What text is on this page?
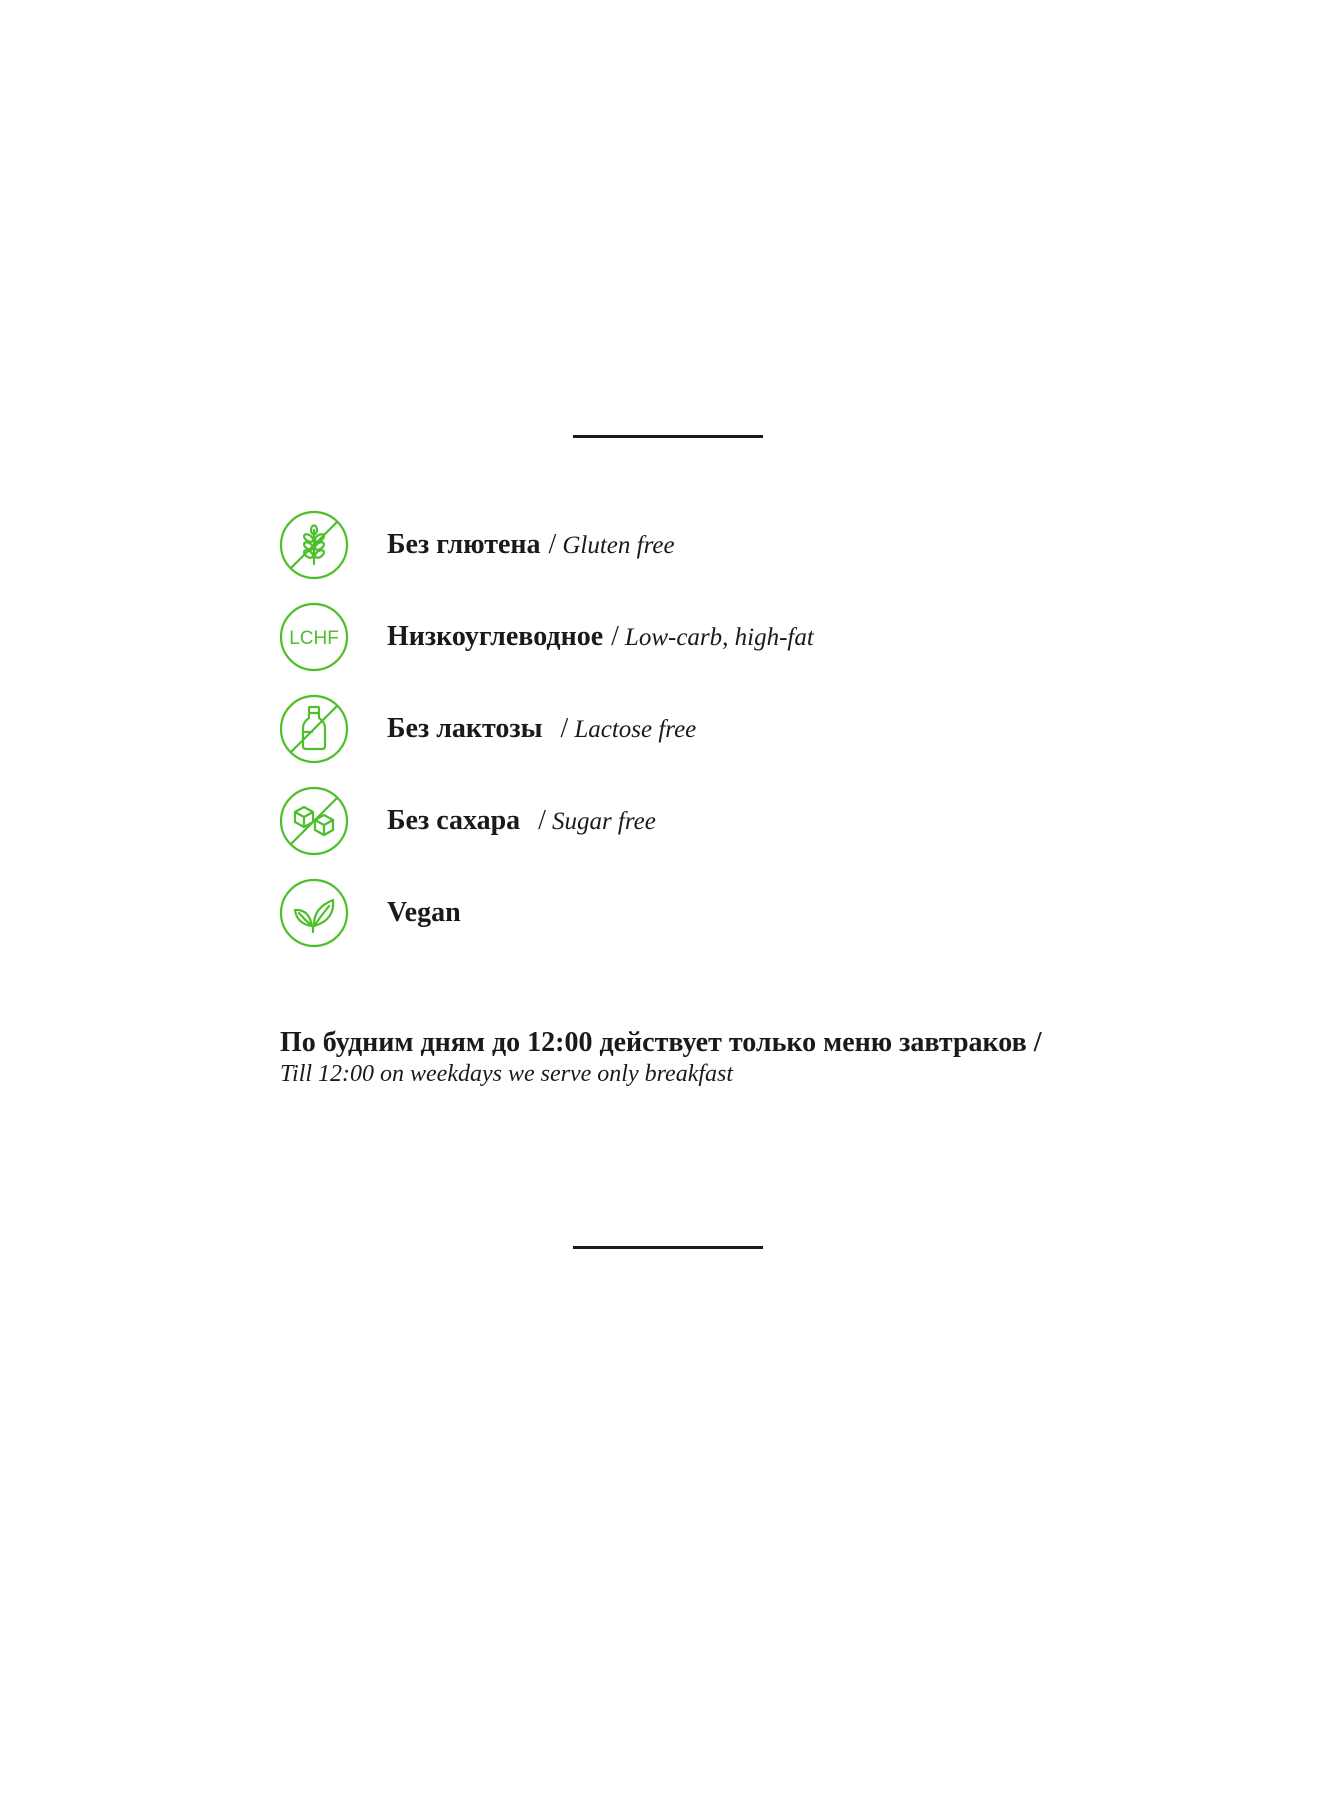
Без глютена / Gluten free
LCHF Низкоуглеводное / Low-carb, high-fat
Без лактозы / Lactose free
Без сахара / Sugar free
Vegan
По будним дням до 12:00 действует только меню завтраков /
Till 12:00 on weekdays we serve only breakfast
